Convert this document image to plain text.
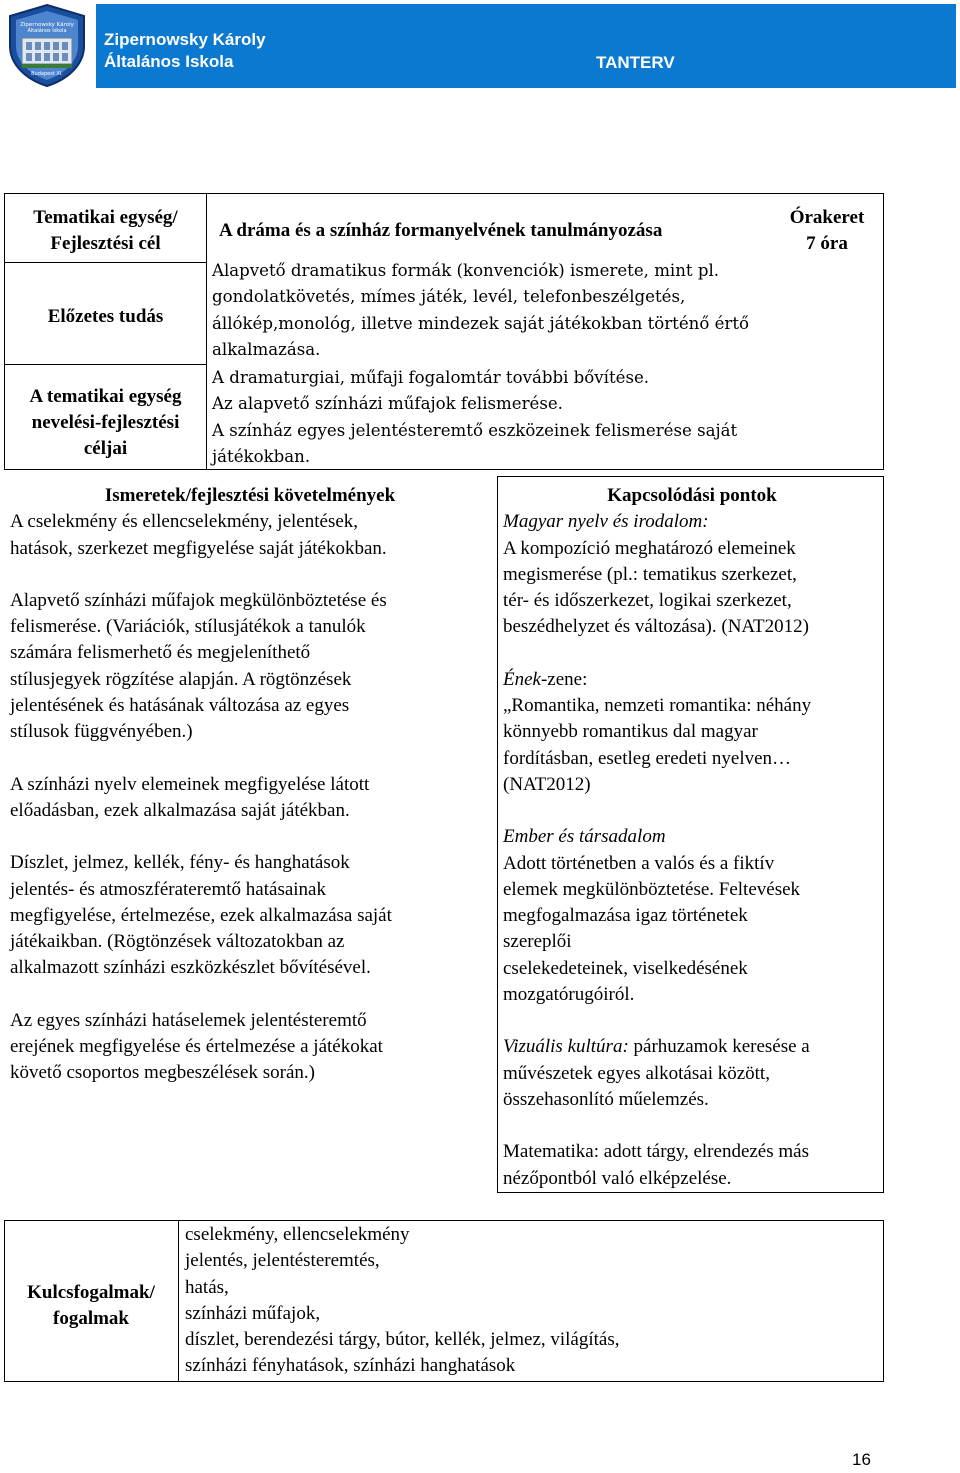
Zipernowsky Károly
Általános Iskola
Budapest XI.
Zipernowsky Károly
Általános Iskola	TANTERV
Tematikai egység/
Fejlesztési cél
A dráma és a színház formanyelvének tanulmányozása
Órakeret
7 óra
Előzetes tudás
Alapvető dramatikus formák (konvenciók) ismerete, mint pl.
gondolatkövetés, mímes játék, levél, telefonbeszélgetés,
állókép,monológ, illetve mindezek saját játékokban történő értő
alkalmazása.
A tematikai egység
nevelési-fejlesztési
céljai
A dramaturgiai, műfaji fogalomtár további bővítése.
Az alapvető színházi műfajok felismerése.
A színház egyes jelentésteremtő eszközeinek felismerése saját
játékokban.
Ismeretek/fejlesztési követelmények
A cselekmény és ellencselekmény, jelentések,
hatások, szerkezet megfigyelése saját játékokban.
Alapvető színházi műfajok megkülönböztetése és
felismerése. (Variációk, stílusjátékok a tanulók
számára felismerhető és megjeleníthető
stílusjegyek rögzítése alapján. A rögtönzések
jelentésének és hatásának változása az egyes
stílusok függvényében.)
A színházi nyelv elemeinek megfigyelése látott
előadásban, ezek alkalmazása saját játékban.
Díszlet, jelmez, kellék, fény- és hanghatások
jelentés- és atmoszférateremtő hatásainak
megfigyelése, értelmezése, ezek alkalmazása saját
játékaikban. (Rögtönzések változatokban az
alkalmazott színházi eszközkészlet bővítésével.
Az egyes színházi hatáselemek jelentésteremtő
erejének megfigyelése és értelmezése a játékokat
követő csoportos megbeszélések során.)
Kapcsolódási pontok
Magyar nyelv és irodalom:
A kompozíció meghatározó elemeinek
megismerése (pl.: tematikus szerkezet,
tér- és időszerkezet, logikai szerkezet,
beszédhelyzet és változása). (NAT2012)
Ének-zene:
„Romantika, nemzeti romantika: néhány
könnyebb romantikus dal magyar
fordításban, esetleg eredeti nyelven…
(NAT2012)
Ember és társadalom
Adott történetben a valós és a fiktív
elemek megkülönböztetése. Feltevések
megfogalmazása igaz történetek
szereplői
cselekedeteinek, viselkedésének
mozgatórugóiról.
Vizuális kultúra: párhuzamok keresése a
művészetek egyes alkotásai között,
összehasonlító műelemzés.
Matematika: adott tárgy, elrendezés más
nézőpontból való elképzelése.
Kulcsfogalmak/
fogalmak
cselekmény, ellencselekmény
jelentés, jelentésteremtés,
hatás,
színházi műfajok,
díszlet, berendezési tárgy, bútor, kellék, jelmez, világítás,
színházi fényhatások, színházi hanghatások
16
